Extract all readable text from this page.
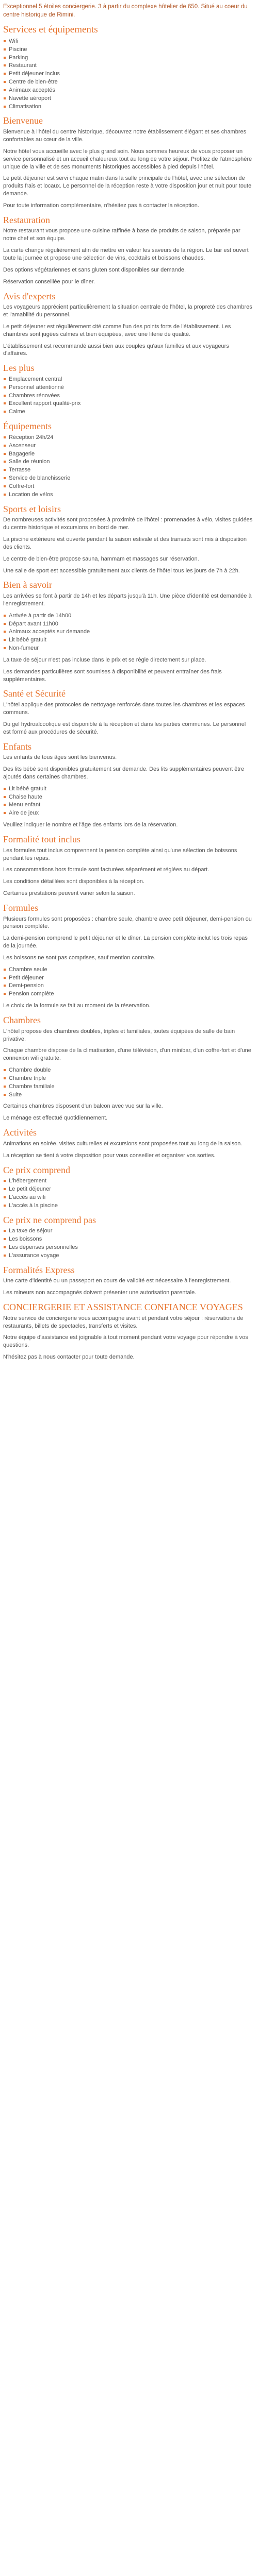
Exceptionnel 5 étoiles conciergerie. 3 à partir du complexe hôtelier de 650. Situé au coeur du centre historique de Rimini.

Services et équipements
Wifi
Piscine
Parking
Restaurant
Petit déjeuner inclus
Centre de bien-être
Animaux acceptés
Navette aéroport
Climatisation
Bienvenue

Bienvenue à l'hôtel du centre historique, découvrez notre établissement élégant et ses chambres confortables au cœur de la ville.

Notre hôtel vous accueille avec le plus grand soin. Nous sommes heureux de vous proposer un service personnalisé et un accueil chaleureux tout au long de votre séjour. Profitez de l'atmosphère unique de la ville et de ses monuments historiques accessibles à pied depuis l'hôtel.

Le petit déjeuner est servi chaque matin dans la salle principale de l'hôtel, avec une sélection de produits frais et locaux. Le personnel de la réception reste à votre disposition jour et nuit pour toute demande.

Pour toute information complémentaire, n'hésitez pas à contacter la réception.

Restauration

Notre restaurant vous propose une cuisine raffinée à base de produits de saison, préparée par notre chef et son équipe.

La carte change régulièrement afin de mettre en valeur les saveurs de la région. Le bar est ouvert toute la journée et propose une sélection de vins, cocktails et boissons chaudes.

Des options végétariennes et sans gluten sont disponibles sur demande.

Réservation conseillée pour le dîner.

Avis d'experts

Les voyageurs apprécient particulièrement la situation centrale de l'hôtel, la propreté des chambres et l'amabilité du personnel.

Le petit déjeuner est régulièrement cité comme l'un des points forts de l'établissement. Les chambres sont jugées calmes et bien équipées, avec une literie de qualité.

L'établissement est recommandé aussi bien aux couples qu'aux familles et aux voyageurs d'affaires.

Les plus
Emplacement central
Personnel attentionné
Chambres rénovées
Excellent rapport qualité-prix
Calme
Équipements
Réception 24h/24
Ascenseur
Bagagerie
Salle de réunion
Terrasse
Service de blanchisserie
Coffre-fort
Location de vélos
Sports et loisirs

De nombreuses activités sont proposées à proximité de l'hôtel : promenades à vélo, visites guidées du centre historique et excursions en bord de mer.

La piscine extérieure est ouverte pendant la saison estivale et des transats sont mis à disposition des clients.

Le centre de bien-être propose sauna, hammam et massages sur réservation.

Une salle de sport est accessible gratuitement aux clients de l'hôtel tous les jours de 7h à 22h.

Bien à savoir

Les arrivées se font à partir de 14h et les départs jusqu'à 11h. Une pièce d'identité est demandée à l'enregistrement.

Arrivée à partir de 14h00
Départ avant 11h00
Animaux acceptés sur demande
Lit bébé gratuit
Non-fumeur

La taxe de séjour n'est pas incluse dans le prix et se règle directement sur place.

Les demandes particulières sont soumises à disponibilité et peuvent entraîner des frais supplémentaires.

Santé et Sécurité

L'hôtel applique des protocoles de nettoyage renforcés dans toutes les chambres et les espaces communs.

Du gel hydroalcoolique est disponible à la réception et dans les parties communes. Le personnel est formé aux procédures de sécurité.

Enfants

Les enfants de tous âges sont les bienvenus.

Des lits bébé sont disponibles gratuitement sur demande. Des lits supplémentaires peuvent être ajoutés dans certaines chambres.

Lit bébé gratuit
Chaise haute
Menu enfant
Aire de jeux

Veuillez indiquer le nombre et l'âge des enfants lors de la réservation.

Formalité tout inclus

Les formules tout inclus comprennent la pension complète ainsi qu'une sélection de boissons pendant les repas.

Les consommations hors formule sont facturées séparément et réglées au départ.

Les conditions détaillées sont disponibles à la réception.

Certaines prestations peuvent varier selon la saison.

Formules

Plusieurs formules sont proposées : chambre seule, chambre avec petit déjeuner, demi-pension ou pension complète.

La demi-pension comprend le petit déjeuner et le dîner. La pension complète inclut les trois repas de la journée.

Les boissons ne sont pas comprises, sauf mention contraire.

Chambre seule
Petit déjeuner
Demi-pension
Pension complète

Le choix de la formule se fait au moment de la réservation.

Chambres

L'hôtel propose des chambres doubles, triples et familiales, toutes équipées de salle de bain privative.

Chaque chambre dispose de la climatisation, d'une télévision, d'un minibar, d'un coffre-fort et d'une connexion wifi gratuite.

Chambre double
Chambre triple
Chambre familiale
Suite

Certaines chambres disposent d'un balcon avec vue sur la ville.

Le ménage est effectué quotidiennement.

Activités

Animations en soirée, visites culturelles et excursions sont proposées tout au long de la saison.

La réception se tient à votre disposition pour vous conseiller et organiser vos sorties.

Ce prix comprend
L'hébergement
Le petit déjeuner
L'accès au wifi
L'accès à la piscine
Ce prix ne comprend pas
La taxe de séjour
Les boissons
Les dépenses personnelles
L'assurance voyage
Formalités Express

Une carte d'identité ou un passeport en cours de validité est nécessaire à l'enregistrement.

Les mineurs non accompagnés doivent présenter une autorisation parentale.

CONCIERGERIE ET ASSISTANCE CONFIANCE VOYAGES

Notre service de conciergerie vous accompagne avant et pendant votre séjour : réservations de restaurants, billets de spectacles, transferts et visites.

Notre équipe d'assistance est joignable à tout moment pendant votre voyage pour répondre à vos questions.

N'hésitez pas à nous contacter pour toute demande.
